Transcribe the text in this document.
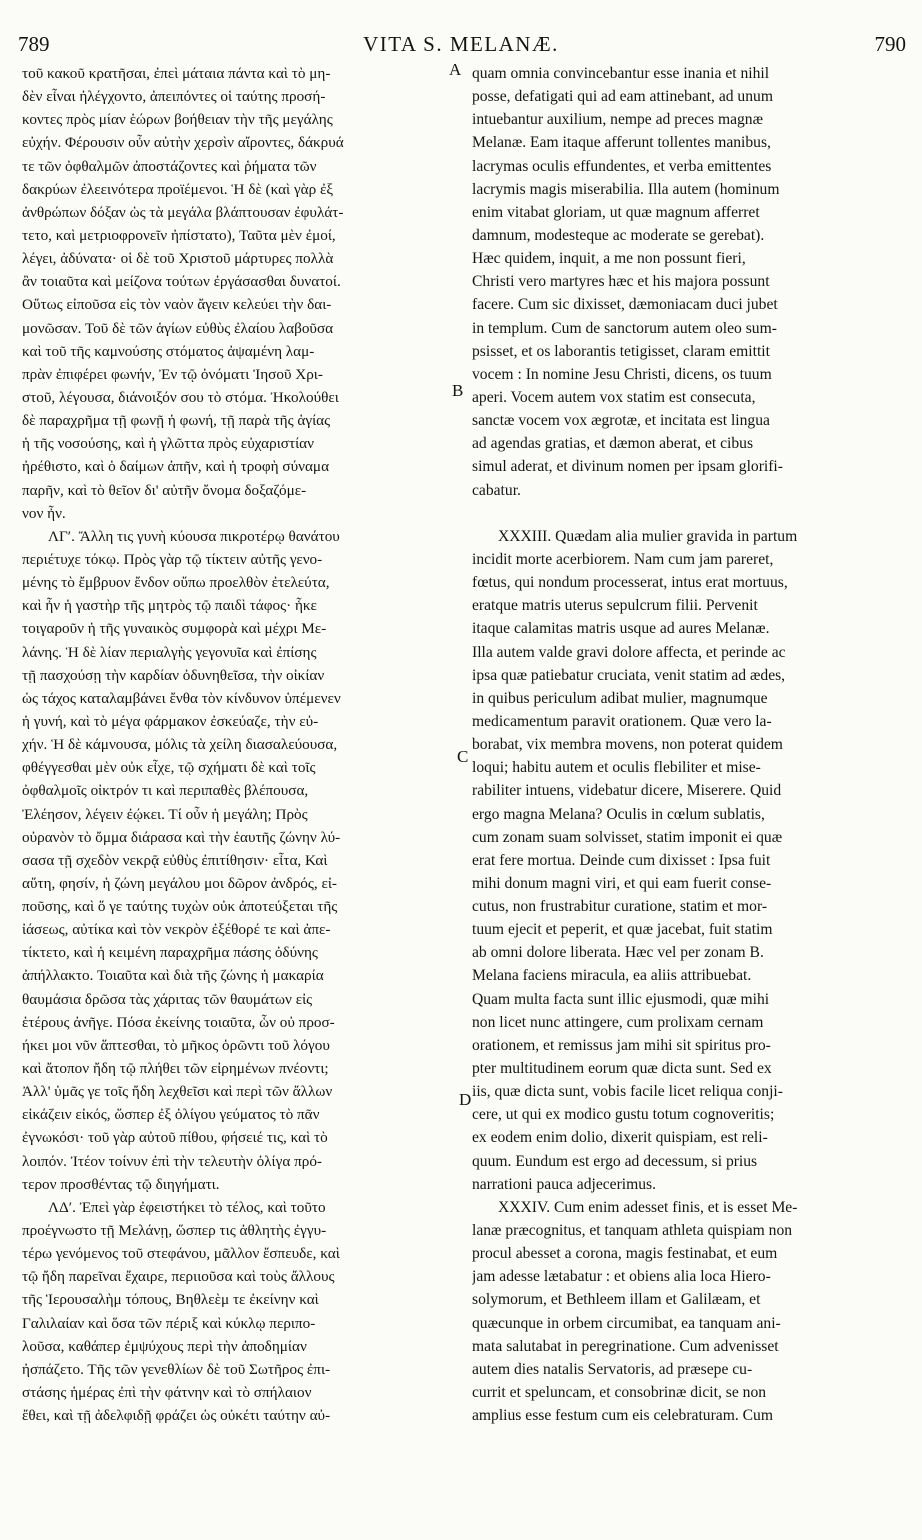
789	VITA S. MELANÆ.	790
τοῦ κακοῦ κρατῆσαι, ἐπεὶ μάταια πάντα καὶ τὸ μη-
δὲν εἶναι ἠλέγχοντο, ἀπειπόντες οἱ ταύτης προσή-
κοντες πρὸς μίαν ἑώρων βοήθειαν τὴν τῆς μεγάλης
εὐχήν. Φέρουσιν οὖν αὐτὴν χερσὶν αἴροντες, δάκρυά
τε τῶν ὀφθαλμῶν ἀποστάζοντες καὶ ῥήματα τῶν
δακρύων ἐλεεινότερα προϊέμενοι. Ἡ δὲ (καὶ γὰρ ἐξ
ἀνθρώπων δόξαν ὡς τὰ μεγάλα βλάπτουσαν ἐφυλάτ-
τετο, καὶ μετριοφρονεῖν ἠπίστατο), Ταῦτα μὲν ἐμοί,
λέγει, ἀδύνατα· οἱ δὲ τοῦ Χριστοῦ μάρτυρες πολλὰ
ἂν τοιαῦτα καὶ μείζονα τούτων ἐργάσασθαι δυνατοί.
Οὕτως εἰποῦσα εἰς τὸν ναὸν ἄγειν κελεύει τὴν δαι-
μονῶσαν. Τοῦ δὲ τῶν ἁγίων εὐθὺς ἐλαίου λαβοῦσα
καὶ τοῦ τῆς καμνούσης στόματος ἀψαμένη λαμ-
πρὰν ἐπιφέρει φωνήν, Ἐν τῷ ὀνόματι Ἰησοῦ Χρι-
στοῦ, λέγουσα, διάνοιξόν σου τὸ στόμα. Ἠκολούθει
δὲ παραχρῆμα τῇ φωνῇ ἡ φωνή, τῇ παρὰ τῆς ἁγίας
ἡ τῆς νοσούσης, καὶ ἡ γλῶττα πρὸς εὐχαριστίαν
ἠρέθιστο, καὶ ὁ δαίμων ἀπῆν, καὶ ἡ τροφὴ σύναμα
παρῆν, καὶ τὸ θεῖον δι' αὐτῆν ὄνομα δοξαζόμε-
νον ἦν.
ΛΓʹ. Ἄλλη τις γυνὴ κύουσα πικροτέρῳ θανάτου
περιέτυχε τόκῳ. Πρὸς γὰρ τῷ τίκτειν αὐτῆς γενο-
μένης τὸ ἔμβρυον ἔνδον οὔπω προελθὸν ἐτελεύτα,
καὶ ἦν ἡ γαστὴρ τῆς μητρὸς τῷ παιδὶ τάφος· ἧκε
τοιγαροῦν ἡ τῆς γυναικὸς συμφορὰ καὶ μέχρι Με-
λάνης. Ἡ δὲ λίαν περιαλγὴς γεγονυῖα καὶ ἐπίσης
τῇ πασχούσῃ τὴν καρδίαν ὀδυνηθεῖσα, τὴν οἰκίαν
ὡς τάχος καταλαμβάνει ἔνθα τὸν κίνδυνον ὑπέμενεν
ἡ γυνή, καὶ τὸ μέγα φάρμακον ἐσκεύαζε, τὴν εὐ-
χήν. Ἡ δὲ κάμνουσα, μόλις τὰ χείλη διασαλεύουσα,
φθέγγεσθαι μὲν οὐκ εἶχε, τῷ σχήματι δὲ καὶ τοῖς
ὀφθαλμοῖς οἰκτρόν τι καὶ περιπαθὲς βλέπουσα,
Ἐλέησον, λέγειν ἐῴκει. Τί οὖν ἡ μεγάλη; Πρὸς
οὐρανὸν τὸ ὄμμα διάρασα καὶ τὴν ἑαυτῆς ζώνην λύ-
σασα τῇ σχεδὸν νεκρᾷ εὐθὺς ἐπιτίθησιν· εἶτα, Καὶ
αὕτη, φησίν, ἡ ζώνη μεγάλου μοι δῶρον ἀνδρός, εἰ-
ποῦσης, καὶ ὅ γε ταύτης τυχὼν οὐκ ἀποτεύξεται τῆς
ἰάσεως, αὐτίκα καὶ τὸν νεκρὸν ἐξέθορέ τε καὶ ἀπε-
τίκτετο, καὶ ἡ κειμένη παραχρῆμα πάσης ὀδύνης
ἀπήλλακτο. Τοιαῦτα καὶ διὰ τῆς ζώνης ἡ μακαρία
θαυμάσια δρῶσα τὰς χάριτας τῶν θαυμάτων εἰς
ἑτέρους ἀνῆγε. Πόσα ἐκείνης τοιαῦτα, ὧν οὐ προσ-
ήκει μοι νῦν ἅπτεσθαι, τὸ μῆκος ὁρῶντι τοῦ λόγου
καὶ ἄτοπον ἤδη τῷ πλήθει τῶν εἰρημένων πνέοντι;
Ἀλλ' ὑμᾶς γε τοῖς ἤδη λεχθεῖσι καὶ περὶ τῶν ἄλλων
εἰκάζειν εἰκός, ὥσπερ ἐξ ὀλίγου γεύματος τὸ πᾶν
ἐγνωκόσι· τοῦ γὰρ αὐτοῦ πίθου, φήσειέ τις, καὶ τὸ
λοιπόν. Ἰτέον τοίνυν ἐπὶ τὴν τελευτὴν ὀλίγα πρό-
τερον προσθέντας τῷ διηγήματι.
ΛΔʹ. Ἐπεὶ γὰρ ἐφειστήκει τὸ τέλος, καὶ τοῦτο
προέγνωστο τῇ Μελάνῃ, ὥσπερ τις ἀθλητὴς ἐγγυ-
τέρω γενόμενος τοῦ στεφάνου, μᾶλλον ἔσπευδε, καὶ
τῷ ἤδη παρεῖναι ἔχαιρε, περιιοῦσα καὶ τοὺς ἄλλους
τῆς Ἱερουσαλὴμ τόπους, Βηθλεὲμ τε ἐκείνην καὶ
Γαλιλαίαν καὶ ὅσα τῶν πέριξ καὶ κύκλῳ περιπο-
λοῦσα, καθάπερ ἐμψύχους περὶ τὴν ἀποδημίαν
ἠσπάζετο. Τῆς τῶν γενεθλίων δὲ τοῦ Σωτῆρος ἐπι-
στάσης ἡμέρας ἐπὶ τὴν φάτνην καὶ τὸ σπήλαιον
ἔθει, καὶ τῇ ἀδελφιδῇ φράζει ὡς οὐκέτι ταύτην αὐ-
quam omnia convincebantur esse inania et nihil
posse, defatigati qui ad eam attinebant, ad unum
intuebantur auxilium, nempe ad preces magnæ
Melanæ. Eam itaque afferunt tollentes manibus,
lacrymas oculis effundentes, et verba emittentes
lacrymis magis miserabilia. Illa autem (hominum
enim vitabat gloriam, ut quæ magnum afferret
damnum, modesteque ac moderate se gerebat).
Hæc quidem, inquit, a me non possunt fieri,
Christi vero martyres hæc et his majora possunt
facere. Cum sic dixisset, dæmoniacam duci jubet
in templum. Cum de sanctorum autem oleo sum-
psisset, et os laborantis tetigisset, claram emittit
vocem : In nomine Jesu Christi, dicens, os tuum
aperi. Vocem autem vox statim est consecuta,
sanctæ vocem vox ægrotæ, et incitata est lingua
ad agendas gratias, et dæmon aberat, et cibus
simul aderat, et divinum nomen per ipsam glorifi-
cabatur.
XXXIII. Quædam alia mulier gravida in partum
incidit morte acerbiorem. Nam cum jam pareret,
fœtus, qui nondum processerat, intus erat mortuus,
eratque matris uterus sepulcrum filii. Pervenit
itaque calamitas matris usque ad aures Melanæ.
Illa autem valde gravi dolore affecta, et perinde ac
ipsa quæ patiebatur cruciata, venit statim ad ædes,
in quibus periculum adibat mulier, magnumque
medicamentum paravit orationem. Quæ vero la-
borabat, vix membra movens, non poterat quidem
loqui; habitu autem et oculis flebiliter et mise-
rabiliter intuens, videbatur dicere, Miserere. Quid
ergo magna Melana? Oculis in cœlum sublatis,
cum zonam suam solvisset, statim imponit ei quæ
erat fere mortua. Deinde cum dixisset : Ipsa fuit
mihi donum magni viri, et qui eam fuerit conse-
cutus, non frustrabitur curatione, statim et mor-
tuum ejecit et peperit, et quæ jacebat, fuit statim
ab omni dolore liberata. Hæc vel per zonam B.
Melana faciens miracula, ea aliis attribuebat.
Quam multa facta sunt illic ejusmodi, quæ mihi
non licet nunc attingere, cum prolixam cernam
orationem, et remissus jam mihi sit spiritus pro-
pter multitudinem eorum quæ dicta sunt. Sed ex
iis, quæ dicta sunt, vobis facile licet reliqua conji-
cere, ut qui ex modico gustu totum cognoveritis;
ex eodem enim dolio, dixerit quispiam, est reli-
quum. Eundum est ergo ad decessum, si prius
narrationi pauca adjecerimus.
XXXIV. Cum enim adesset finis, et is esset Me-
lanæ præcognitus, et tanquam athleta quispiam non
procul abesset a corona, magis festinabat, et eum
jam adesse lætabatur : et obiens alia loca Hiero-
solymorum, et Bethleem illam et Galilæam, et
quæcunque in orbem circumibat, ea tanquam ani-
mata salutabat in peregrinatione. Cum advenisset
autem dies natalis Servatoris, ad præsepe cu-
currit et speluncam, et consobrinæ dicit, se non
amplius esse festum cum eis celebraturam. Cum
A
B
C
D
